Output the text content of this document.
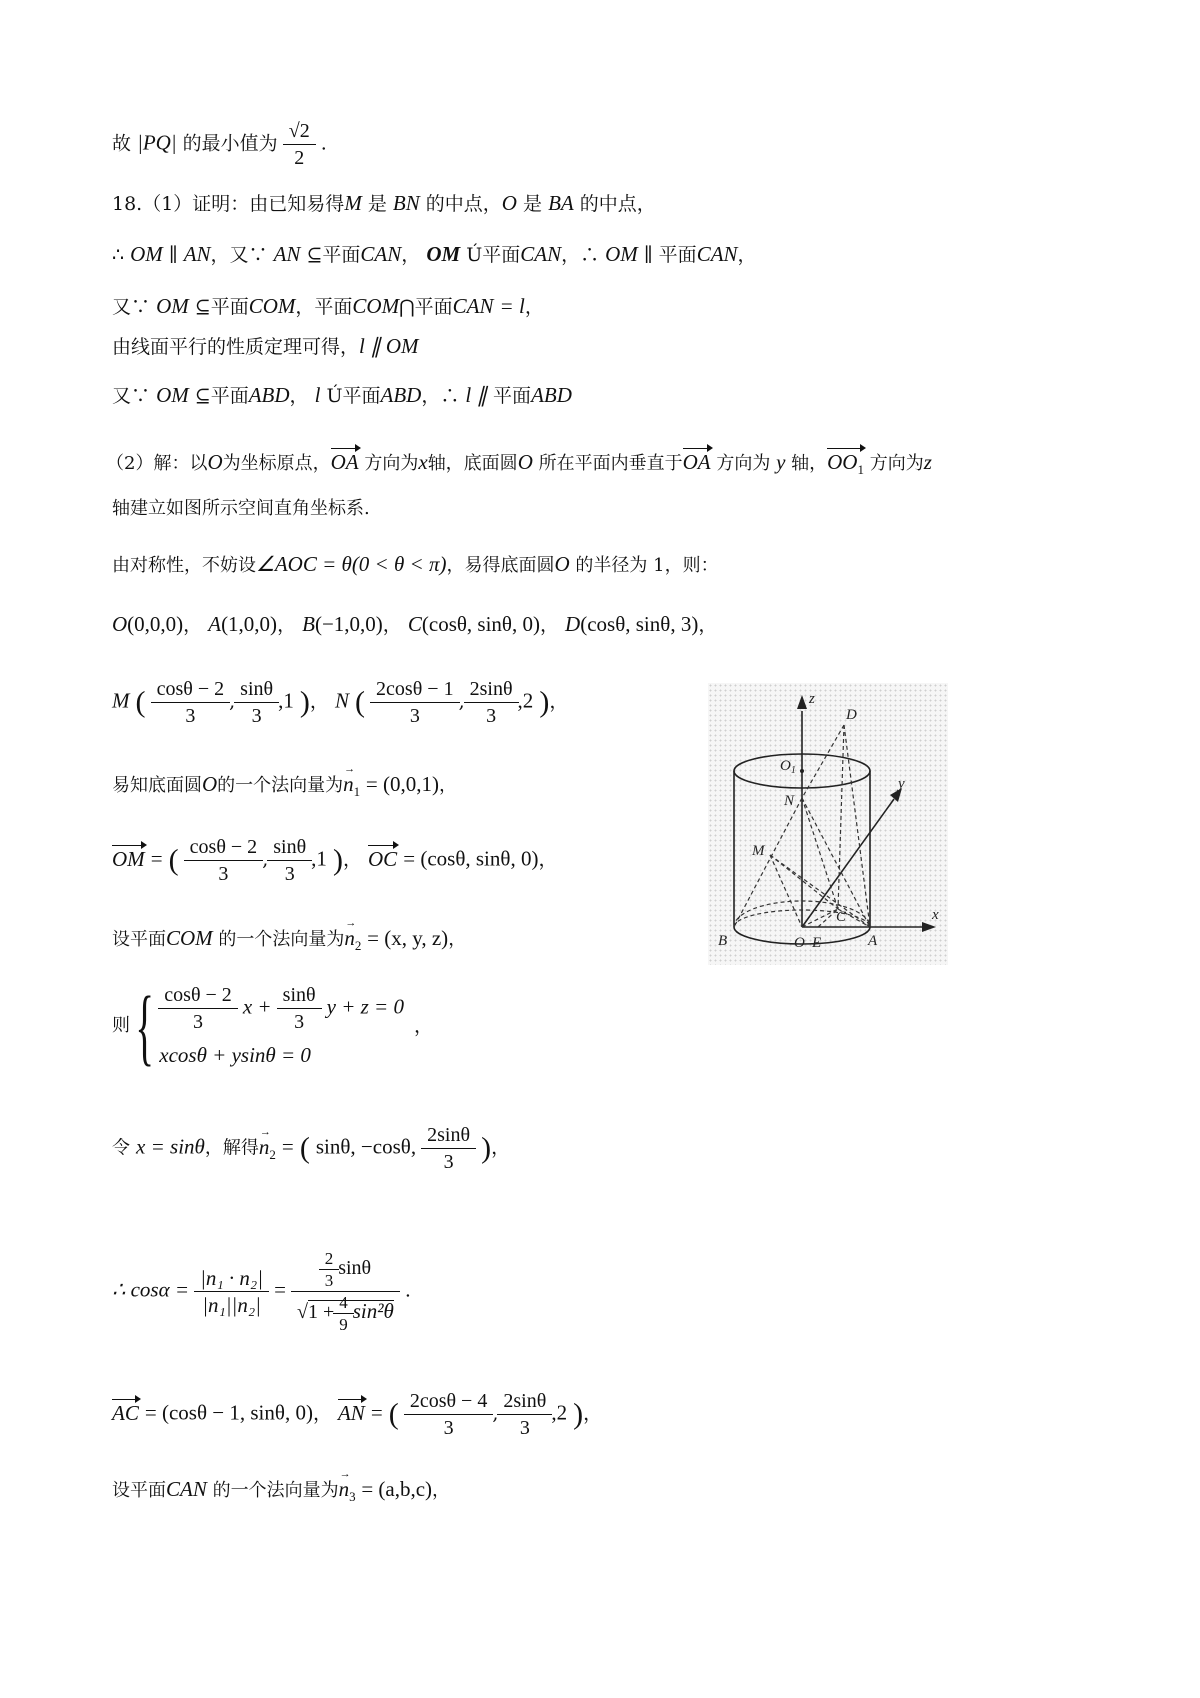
故 |PQ| 的最小值为 $\frac{√2}{2}$ .
18.（1）证明：由已知易得M 是 BN 的中点，O 是 BA 的中点，
∴ OM ∥ AN，又∵ AN ⊆平面CAN， OM Ú平面CAN，∴ OM ∥ 平面CAN，
又∵ OM ⊆平面COM，平面COM⋂平面CAN = l，
由线面平行的性质定理可得，l ∥ OM
又∵ OM ⊆平面ABD， l Ú平面ABD，∴ l ∥ 平面ABD
（2）解：以O为坐标原点，OA 方向为x轴，底面圆O 所在平面内垂直于OA 方向为 y 轴，$OO_1$ 方向为z
轴建立如图所示空间直角坐标系.
由对称性，不妨设∠AOC = θ(0 < θ < π)，易得底面圆O 的半径为 1，则：
O(0,0,0)， A(1,0,0)， B(−1,0,0)， C(cosθ, sinθ, 0)， D(cosθ, sinθ, 3)，
M ( $\frac{\cos\theta - 2}{3}$ , $\frac{\sin\theta}{3} ,1$ )， N ( $\frac{2\cos\theta - 1}{3}$ , $\frac{2\sin\theta}{3} ,2$ )，
易知底面圆O的一个法向量为→ $n_1 = (0,0,1)$，
OM = ( $\frac{\cos\theta - 2}{3}$ , $\frac{\sin\theta}{3} ,1$ )， OC = (cosθ, sinθ, 0)，
设平面COM 的一个法向量为→ $n_2 = (x$, y, z)，
则 { $\frac{\cos\theta - 2}{3}$ $x + \frac{\sin\theta}{3}$ y + z = 0
xcosθ + ysinθ = 0
，
令 x = sinθ，解得→ $n_2$ = ( sinθ, −cosθ, $\frac{2\sin\theta}{3}$ )，
∴ $\cos\alpha = \frac{\text{|n₁ · n₂|}}{\text{|n₁||n₂|}} = \frac{\frac{2}{3} \sin\theta}{√1 + \frac{4}{9} \sin^2\theta}$ .
AC = (cosθ − 1, sinθ, 0)， AN = ( $\frac{2\cos\theta - 4}{3}$ , $\frac{2\sin\theta}{3} ,2$ )，
设平面CAN 的一个法向量为→ $n_3 = (a,b,c)$，
z
y
x
D
$O_1$
N
M
C
B	O E	A
